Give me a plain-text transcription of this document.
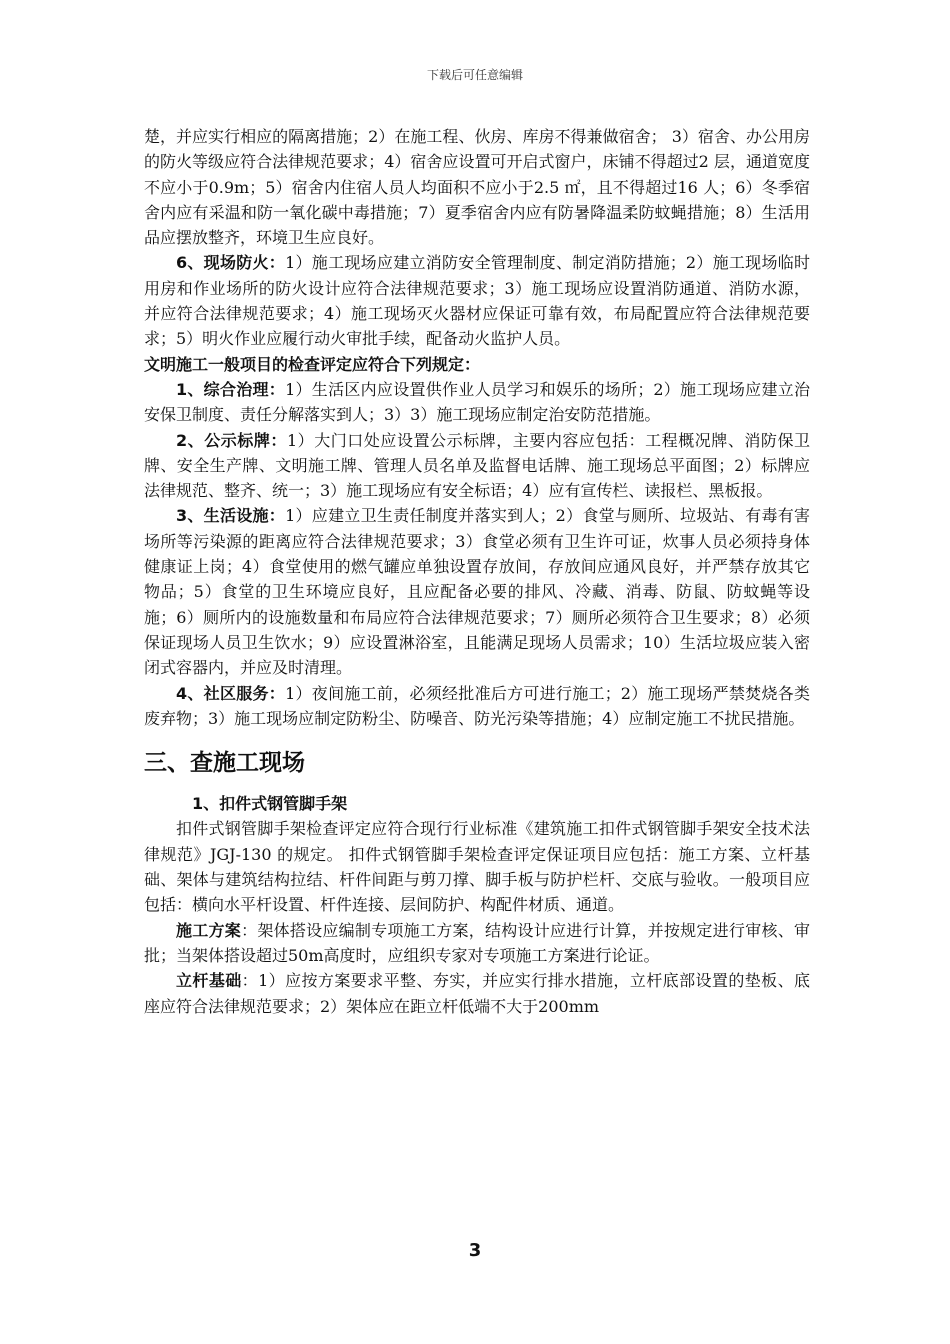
下载后可任意编辑

楚，并应实行相应的隔离措施；2）在施工程、伙房、库房不得兼做宿舍； 3）宿舍、办公用房的防火等级应符合法律规范要求；4）宿舍应设置可开启式窗户，床铺不得超过2 层，通道宽度不应小于0.9m；5）宿舍内住宿人员人均面积不应小于2.5 ㎡，且不得超过16 人；6）冬季宿舍内应有采温和防一氧化碳中毒措施；7）夏季宿舍内应有防暑降温柔防蚊蝇措施；8）生活用品应摆放整齐，环境卫生应良好。

6、现场防火：1）施工现场应建立消防安全管理制度、制定消防措施；2）施工现场临时用房和作业场所的防火设计应符合法律规范要求；3）施工现场应设置消防通道、消防水源，并应符合法律规范要求；4）施工现场灭火器材应保证可靠有效，布局配置应符合法律规范要求；5）明火作业应履行动火审批手续，配备动火监护人员。

文明施工一般项目的检查评定应符合下列规定：

1、综合治理：1）生活区内应设置供作业人员学习和娱乐的场所；2）施工现场应建立治安保卫制度、责任分解落实到人；3）3）施工现场应制定治安防范措施。

2、公示标牌：1）大门口处应设置公示标牌，主要内容应包括：工程概况牌、消防保卫牌、安全生产牌、文明施工牌、管理人员名单及监督电话牌、施工现场总平面图；2）标牌应法律规范、整齐、统一；3）施工现场应有安全标语；4）应有宣传栏、读报栏、黑板报。

3、生活设施：1）应建立卫生责任制度并落实到人；2）食堂与厕所、垃圾站、有毒有害场所等污染源的距离应符合法律规范要求；3）食堂必须有卫生许可证，炊事人员必须持身体健康证上岗；4）食堂使用的燃气罐应单独设置存放间，存放间应通风良好，并严禁存放其它物品；5）食堂的卫生环境应良好，且应配备必要的排风、冷藏、消毒、防鼠、防蚊蝇等设施；6）厕所内的设施数量和布局应符合法律规范要求；7）厕所必须符合卫生要求；8）必须保证现场人员卫生饮水；9）应设置淋浴室，且能满足现场人员需求；10）生活垃圾应装入密闭式容器内，并应及时清理。

4、社区服务：1）夜间施工前，必须经批准后方可进行施工；2）施工现场严禁焚烧各类废弃物；3）施工现场应制定防粉尘、防噪音、防光污染等措施；4）应制定施工不扰民措施。

三、查施工现场

1、扣件式钢管脚手架

扣件式钢管脚手架检查评定应符合现行行业标准《建筑施工扣件式钢管脚手架安全技术法律规范》JGJ-130 的规定。 扣件式钢管脚手架检查评定保证项目应包括：施工方案、立杆基础、架体与建筑结构拉结、杆件间距与剪刀撑、脚手板与防护栏杆、交底与验收。一般项目应包括：横向水平杆设置、杆件连接、层间防护、构配件材质、通道。

施工方案：架体搭设应编制专项施工方案，结构设计应进行计算，并按规定进行审核、审批；当架体搭设超过50m高度时，应组织专家对专项施工方案进行论证。

立杆基础：1）应按方案要求平整、夯实，并应实行排水措施，立杆底部设置的垫板、底座应符合法律规范要求；2）架体应在距立杆低端不大于200mm

3
